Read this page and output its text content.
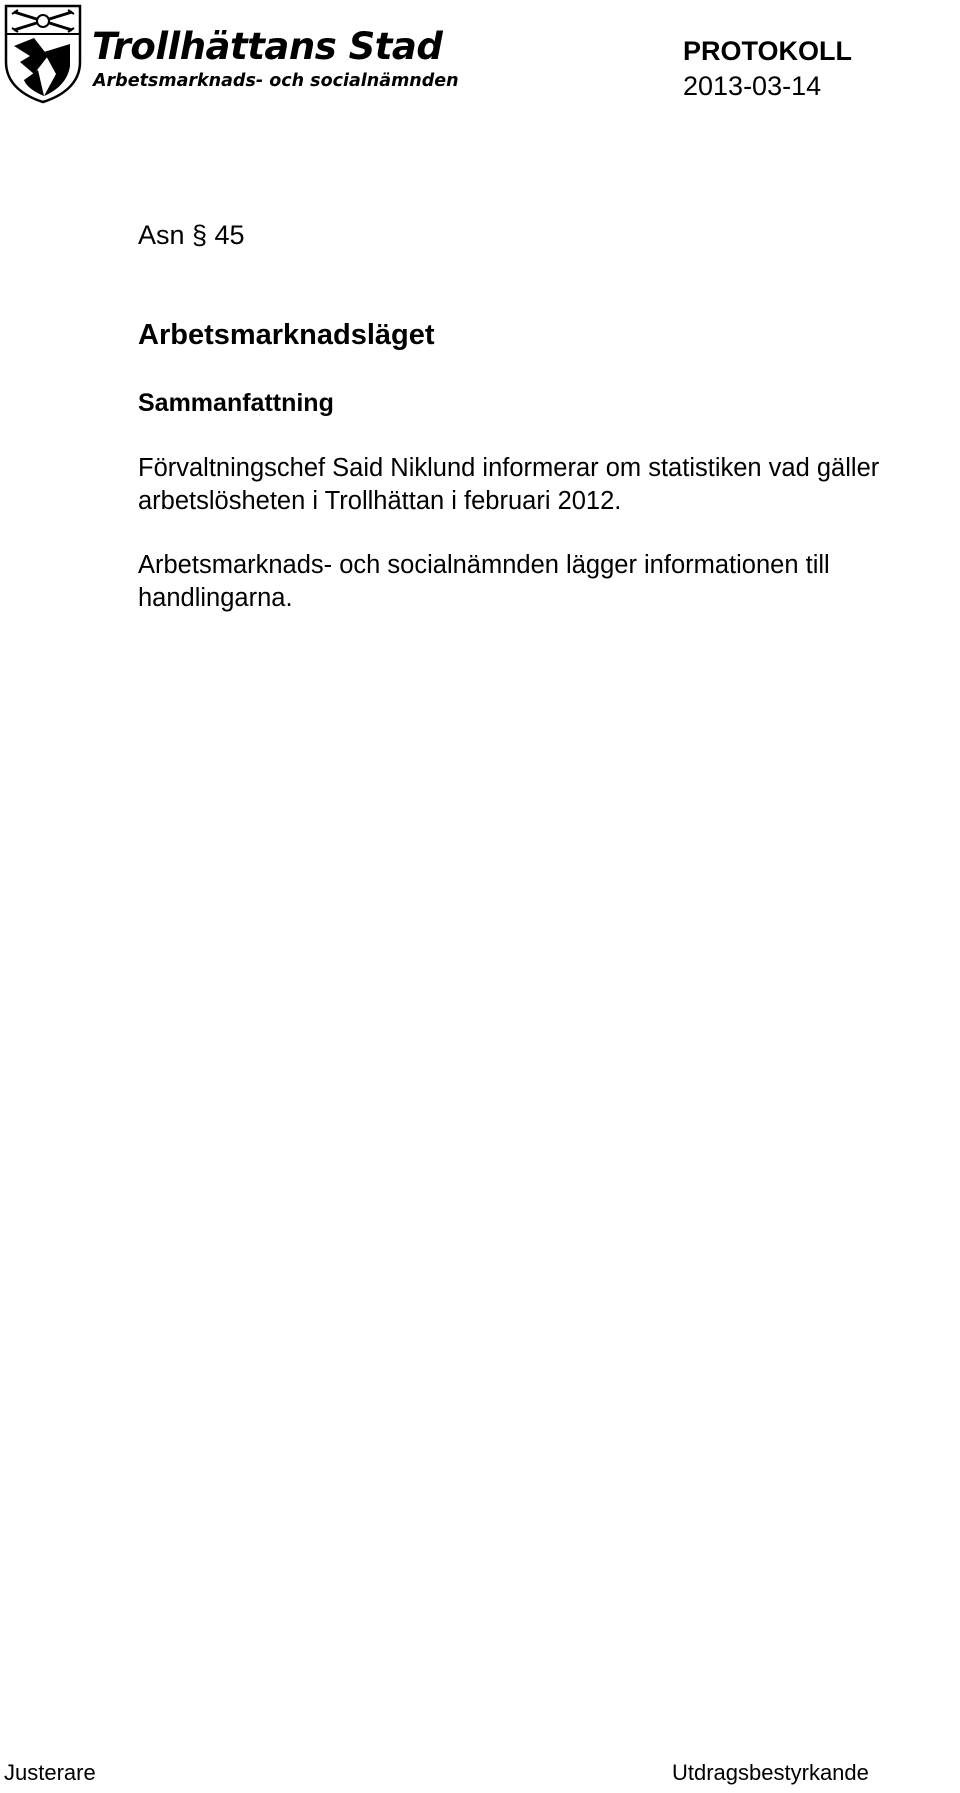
Trollhättans Stad
Arbetsmarknads- och socialnämnden
PROTOKOLL
2013-03-14
Asn § 45
Arbetsmarknadsläget
Sammanfattning

Förvaltningschef Said Niklund informerar om statistiken vad gäller arbetslösheten i Trollhättan i februari 2012.

Arbetsmarknads- och socialnämnden lägger informationen till handlingarna.

Justerare	Utdragsbestyrkande
